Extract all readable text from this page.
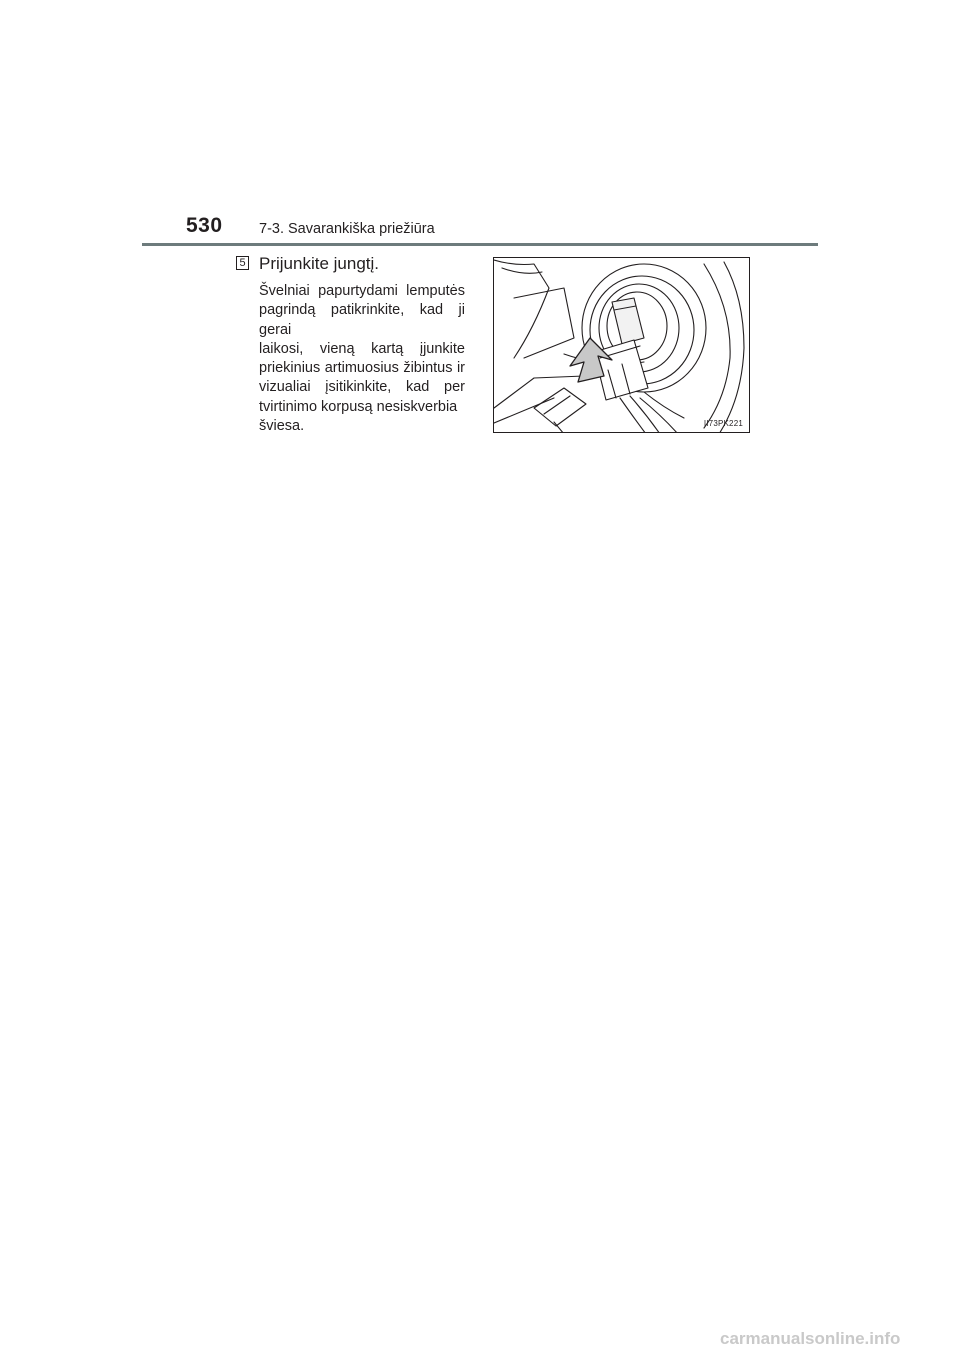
530	7-3. Savarankiška priežiūra
5 Prijunkite jungtį.

Švelniai papurtydami lemputės
pagrindą patikrinkite, kad ji gerai
laikosi, vieną kartą įjunkite
priekinius artimuosius žibintus ir
vizualiai įsitikinkite, kad per
tvirtinimo korpusą nesiskverbia
šviesa.	II73PK221
carmanualsonline.info
